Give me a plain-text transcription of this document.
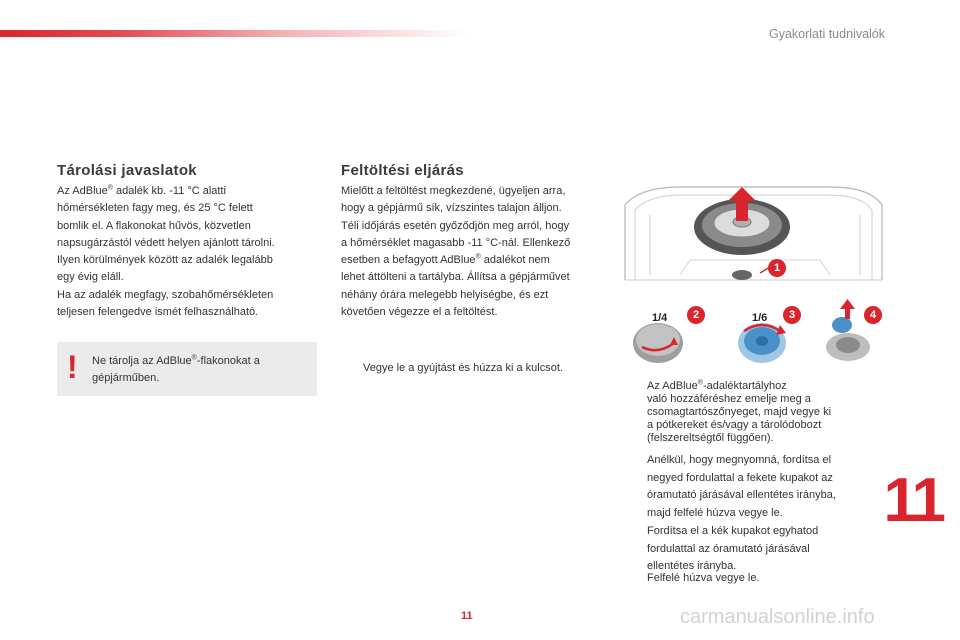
Gyakorlati tudnivalók
Tárolási javaslatok

Az AdBlue® adalék kb. -11 °C alatti

hőmérsékleten fagy meg, és 25 °C felett

bomlik el. A flakonokat hűvös, közvetlen

napsugárzástól védett helyen ajánlott tárolni.

Ilyen körülmények között az adalék legalább

egy évig eláll.

Ha az adalék megfagy, szobahőmérsékleten

teljesen felengedve ismét felhasználható.

! Ne tárolja az AdBlue®-flakonokat a
gépjárműben.
Feltöltési eljárás

Mielőtt a feltöltést megkezdené, ügyeljen arra,

hogy a gépjármű sík, vízszintes talajon álljon.

Téli időjárás esetén győződjön meg arról, hogy

a hőmérséklet magasabb -11 °C-nál. Ellenkező

esetben a befagyott AdBlue® adalékot nem

lehet áttölteni a tartályba. Állítsa a gépjárművet

néhány órára melegebb helyiségbe, és ezt

követően végezze el a feltöltést.

Vegye le a gyújtást és húzza ki a kulcsot.
1
2	3	4
1/4	1/6
Az AdBlue®-adaléktartályhoz
való hozzáféréshez emelje meg a
csomagtartószőnyeget, majd vegye ki
a pótkereket és/vagy a tárolódobozt
(felszereltségtől függően).
Anélkül, hogy megnyomná, fordítsa el
negyed fordulattal a fekete kupakot az
óramutató járásával ellentétes irányba,
majd felfelé húzva vegye le.
Fordítsa el a kék kupakot egyhatod
fordulattal az óramutató járásával
ellentétes irányba.
Felfelé húzva vegye le.
11
11	carmanualsonline.info
